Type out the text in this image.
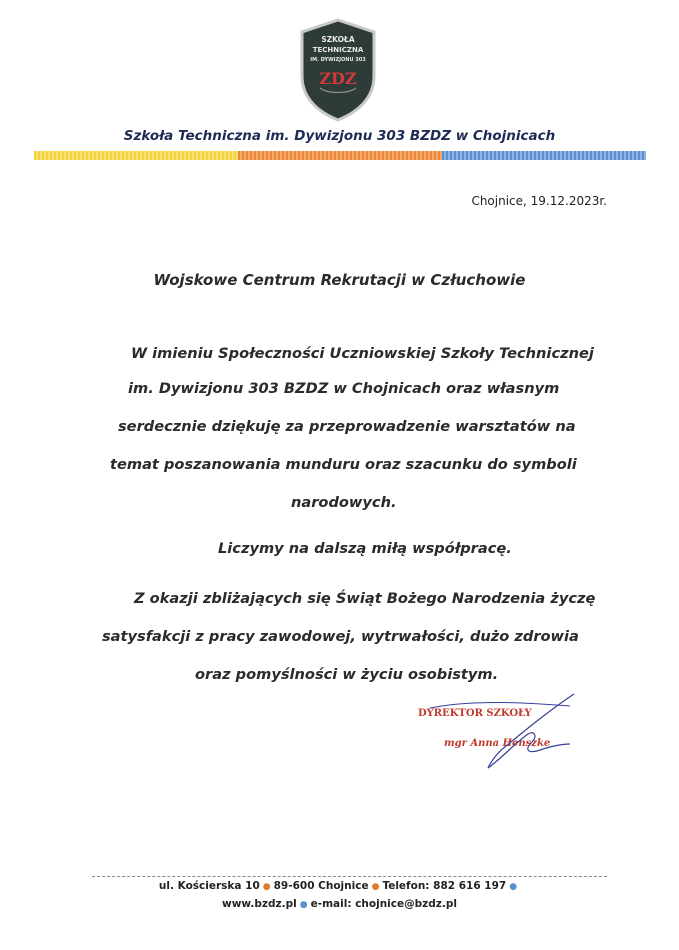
SZKOŁA
TECHNICZNA
IM. DYWIZJONU 303
ZDZ
Szkoła Techniczna im. Dywizjonu 303 BZDZ w Chojnicach
Chojnice, 19.12.2023r.
Wojskowe Centrum Rekrutacji w Człuchowie
W imieniu Społeczności Uczniowskiej Szkoły Technicznej
im. Dywizjonu 303 BZDZ w Chojnicach oraz własnym
serdecznie dziękuję za przeprowadzenie warsztatów na
temat poszanowania munduru oraz szacunku do symboli
narodowych.
Liczymy na dalszą miłą współpracę.
Z okazji zbliżających się Świąt Bożego Narodzenia życzę
satysfakcji z pracy zawodowej, wytrwałości, dużo zdrowia
oraz pomyślności w życiu osobistym.
DYREKTOR SZKOŁY
mgr Anna Henszke
ul. Kościerska 10 ● 89-600 Chojnice ● Telefon: 882 616 197 ●
www.bzdz.pl ● e-mail: chojnice@bzdz.pl
